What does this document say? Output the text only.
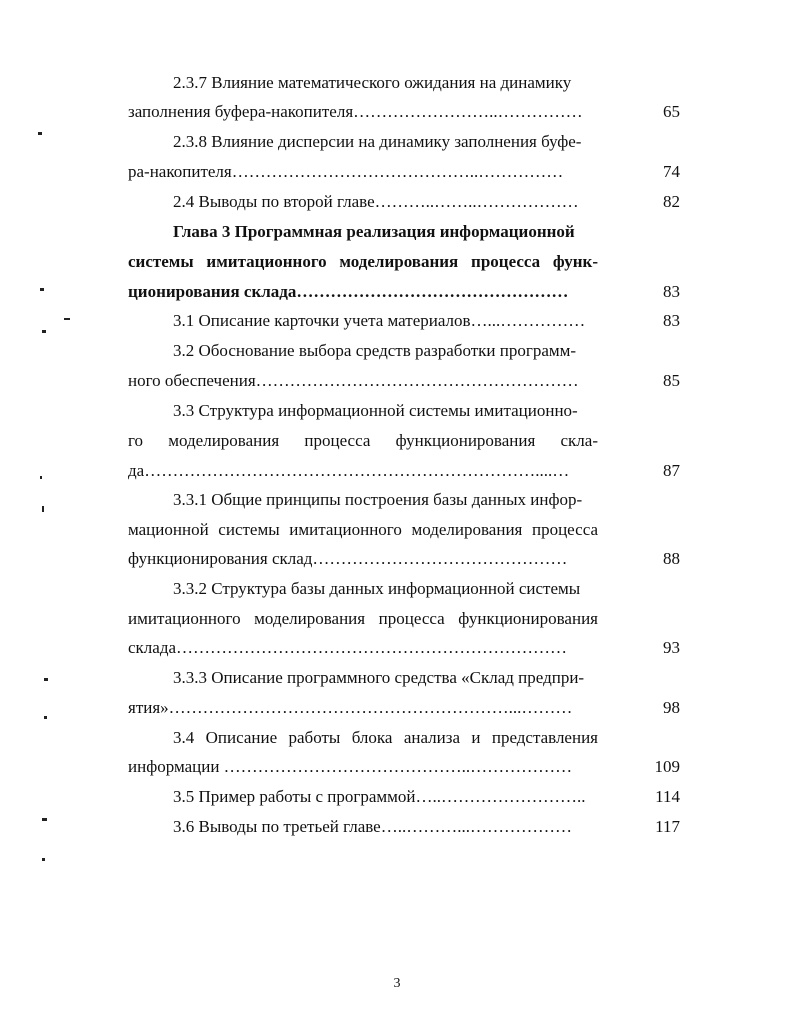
2.3.7 Влияние математического ожидания на динамику
заполнения буфера-накопителя……………………..……………	65
2.3.8 Влияние дисперсии на динамику заполнения буфе-
ра-накопителя……………………………………..……………	74
2.4 Выводы по второй главе………..……..………………	82
Глава 3 Программная реализация информационной
системы имитационного моделирования процесса функ-
ционирования склада…………………………………………	83
3.1 Описание карточки учета материалов…...……………	83
3.2 Обоснование выбора средств разработки программ-
ного обеспечения…………………………………………………	85
3.3 Структура информационной системы имитационно-
го моделирования процесса функционирования скла-
да……………………………………………………………....…	87
3.3.1 Общие принципы построения базы данных инфор-
мационной системы имитационного моделирования процесса
функционирования склад………………………………………	88
3.3.2 Структура базы данных информационной системы
имитационного моделирования процесса функционирования
склада……………………………………………………………	93
3.3.3 Описание программного средства «Склад предпри-
ятия»……………………………………………………...………	98
3.4 Описание работы блока анализа и представления
информации ……………………………………..………………	109
3.5 Пример работы с программой…..……………………..	114
3.6 Выводы по третьей главе…..………...………………	117
3
